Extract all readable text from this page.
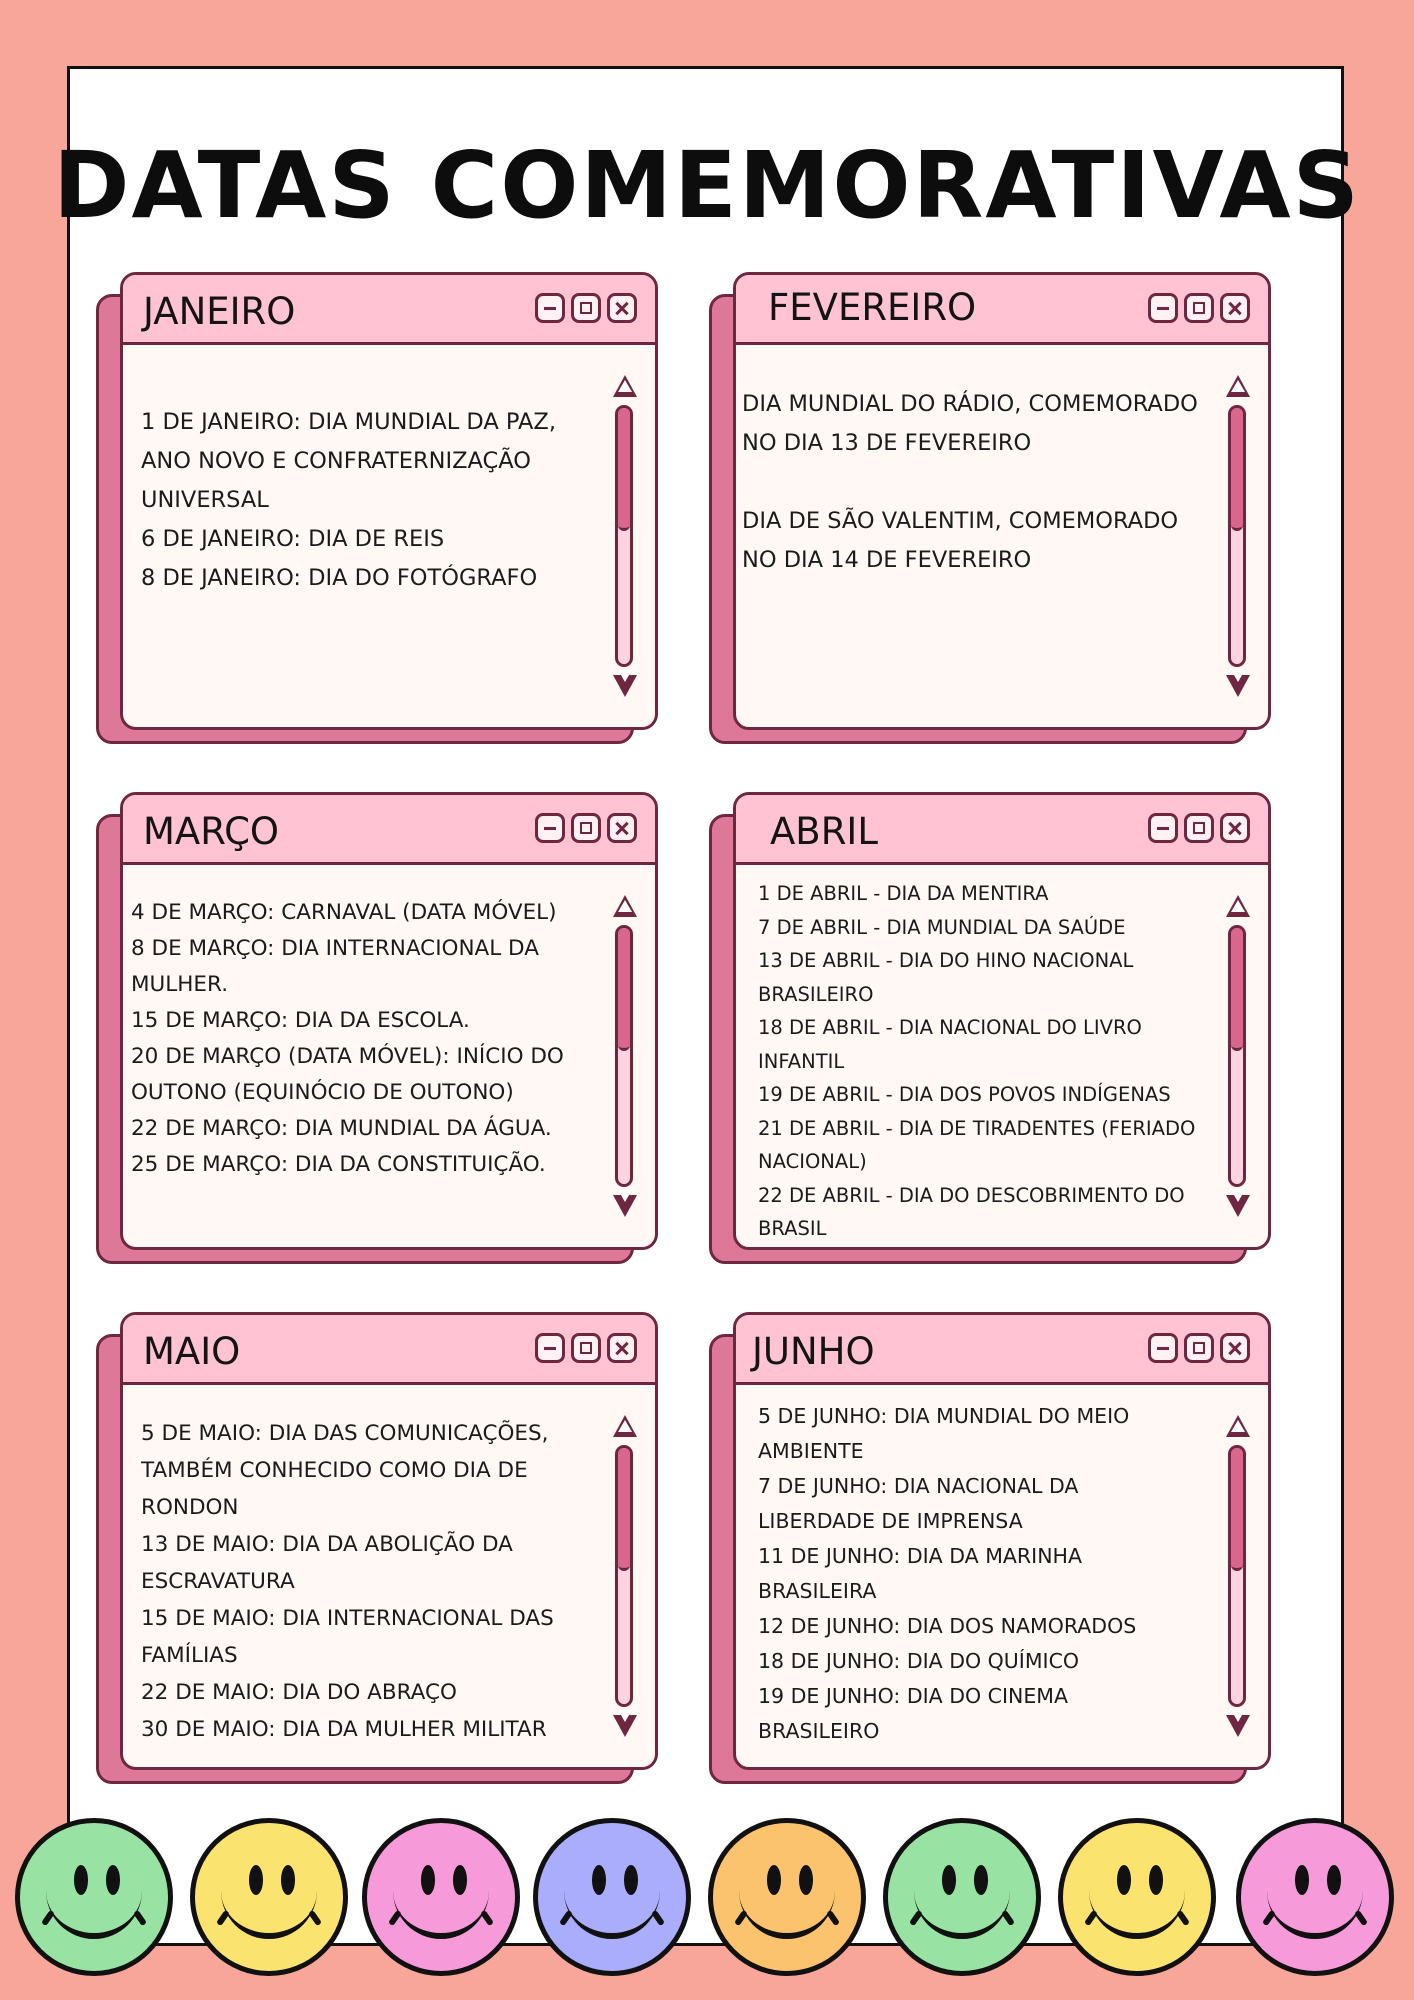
DATAS COMEMORATIVAS
JANEIRO

1 DE JANEIRO: DIA MUNDIAL DA PAZ,
ANO NOVO E CONFRATERNIZAÇÃO
UNIVERSAL

6 DE JANEIRO: DIA DE REIS

8 DE JANEIRO: DIA DO FOTÓGRAFO

FEVEREIRO

DIA MUNDIAL DO RÁDIO, COMEMORADO
NO DIA 13 DE FEVEREIRO

DIA DE SÃO VALENTIM, COMEMORADO
NO DIA 14 DE FEVEREIRO

MARÇO

4 DE MARÇO: CARNAVAL (DATA MÓVEL)

8 DE MARÇO: DIA INTERNACIONAL DA
MULHER.

15 DE MARÇO: DIA DA ESCOLA.

20 DE MARÇO (DATA MÓVEL): INÍCIO DO
OUTONO (EQUINÓCIO DE OUTONO)

22 DE MARÇO: DIA MUNDIAL DA ÁGUA.

25 DE MARÇO: DIA DA CONSTITUIÇÃO.

ABRIL

1 DE ABRIL - DIA DA MENTIRA

7 DE ABRIL - DIA MUNDIAL DA SAÚDE

13 DE ABRIL - DIA DO HINO NACIONAL
BRASILEIRO

18 DE ABRIL - DIA NACIONAL DO LIVRO
INFANTIL

19 DE ABRIL - DIA DOS POVOS INDÍGENAS

21 DE ABRIL - DIA DE TIRADENTES (FERIADO
NACIONAL)

22 DE ABRIL - DIA DO DESCOBRIMENTO DO
BRASIL

MAIO

5 DE MAIO: DIA DAS COMUNICAÇÕES,
TAMBÉM CONHECIDO COMO DIA DE
RONDON

13 DE MAIO: DIA DA ABOLIÇÃO DA
ESCRAVATURA

15 DE MAIO: DIA INTERNACIONAL DAS
FAMÍLIAS

22 DE MAIO: DIA DO ABRAÇO

30 DE MAIO: DIA DA MULHER MILITAR

JUNHO

5 DE JUNHO: DIA MUNDIAL DO MEIO
AMBIENTE

7 DE JUNHO: DIA NACIONAL DA
LIBERDADE DE IMPRENSA

11 DE JUNHO: DIA DA MARINHA
BRASILEIRA

12 DE JUNHO: DIA DOS NAMORADOS

18 DE JUNHO: DIA DO QUÍMICO

19 DE JUNHO: DIA DO CINEMA
BRASILEIRO
